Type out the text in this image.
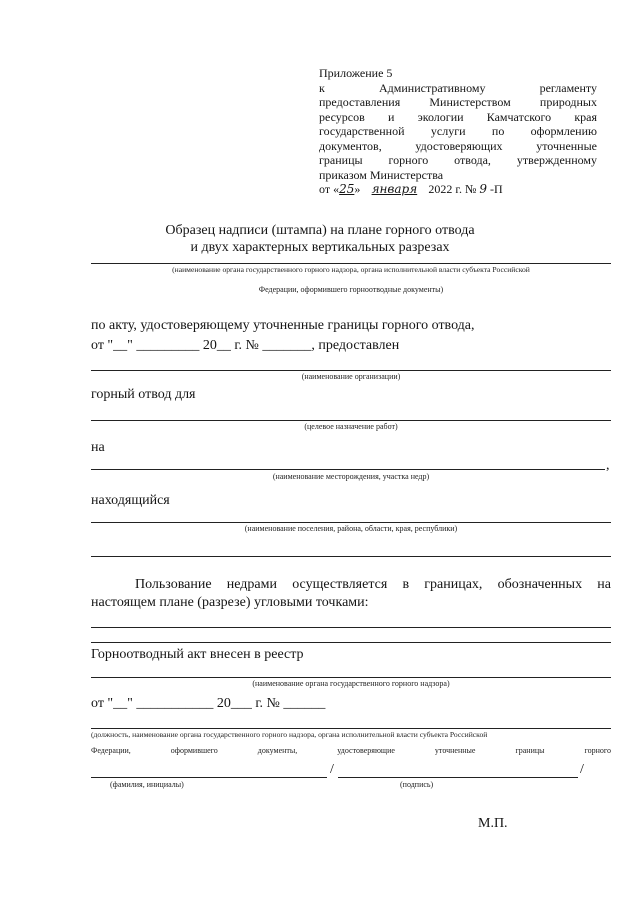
Приложение 5
к	Административному	регламенту
предоставления Министерством природных
ресурсов и экологии Камчатского края
государственной услуги по оформлению
документов, удостоверяющих уточненные
границы горного отвода, утвержденному
приказом Министерства
от «25» января 2022 г. № 9 -П
Образец надписи (штампа) на плане горного отвода
и двух характерных вертикальных разрезах
(наименование органа государственного горного надзора, органа исполнительной власти субъекта Российской
Федерации, оформившего горноотводные документы)
по акту, удостоверяющему уточненные границы горного отвода,
от "__" _________ 20__ г. № _______, предоставлен
(наименование организации)
горный отвод для
(целевое назначение работ)
на
,
(наименование месторождения, участка недр)
находящийся
(наименование поселения, района, области, края, республики)
Пользование недрами осуществляется в границах, обозначенных на
настоящем плане (разрезе) угловыми точками:
Горноотводный акт внесен в реестр
(наименование органа государственного горного надзора)
от "__" ___________ 20___ г. № ______
(должность, наименование органа государственного горного надзора, органа исполнительной власти субъекта Российской
Федерации,	оформившего	документы,	удостоверяющие	уточненные	границы	горного
/	/
(фамилия, инициалы)	(подпись)
М.П.
